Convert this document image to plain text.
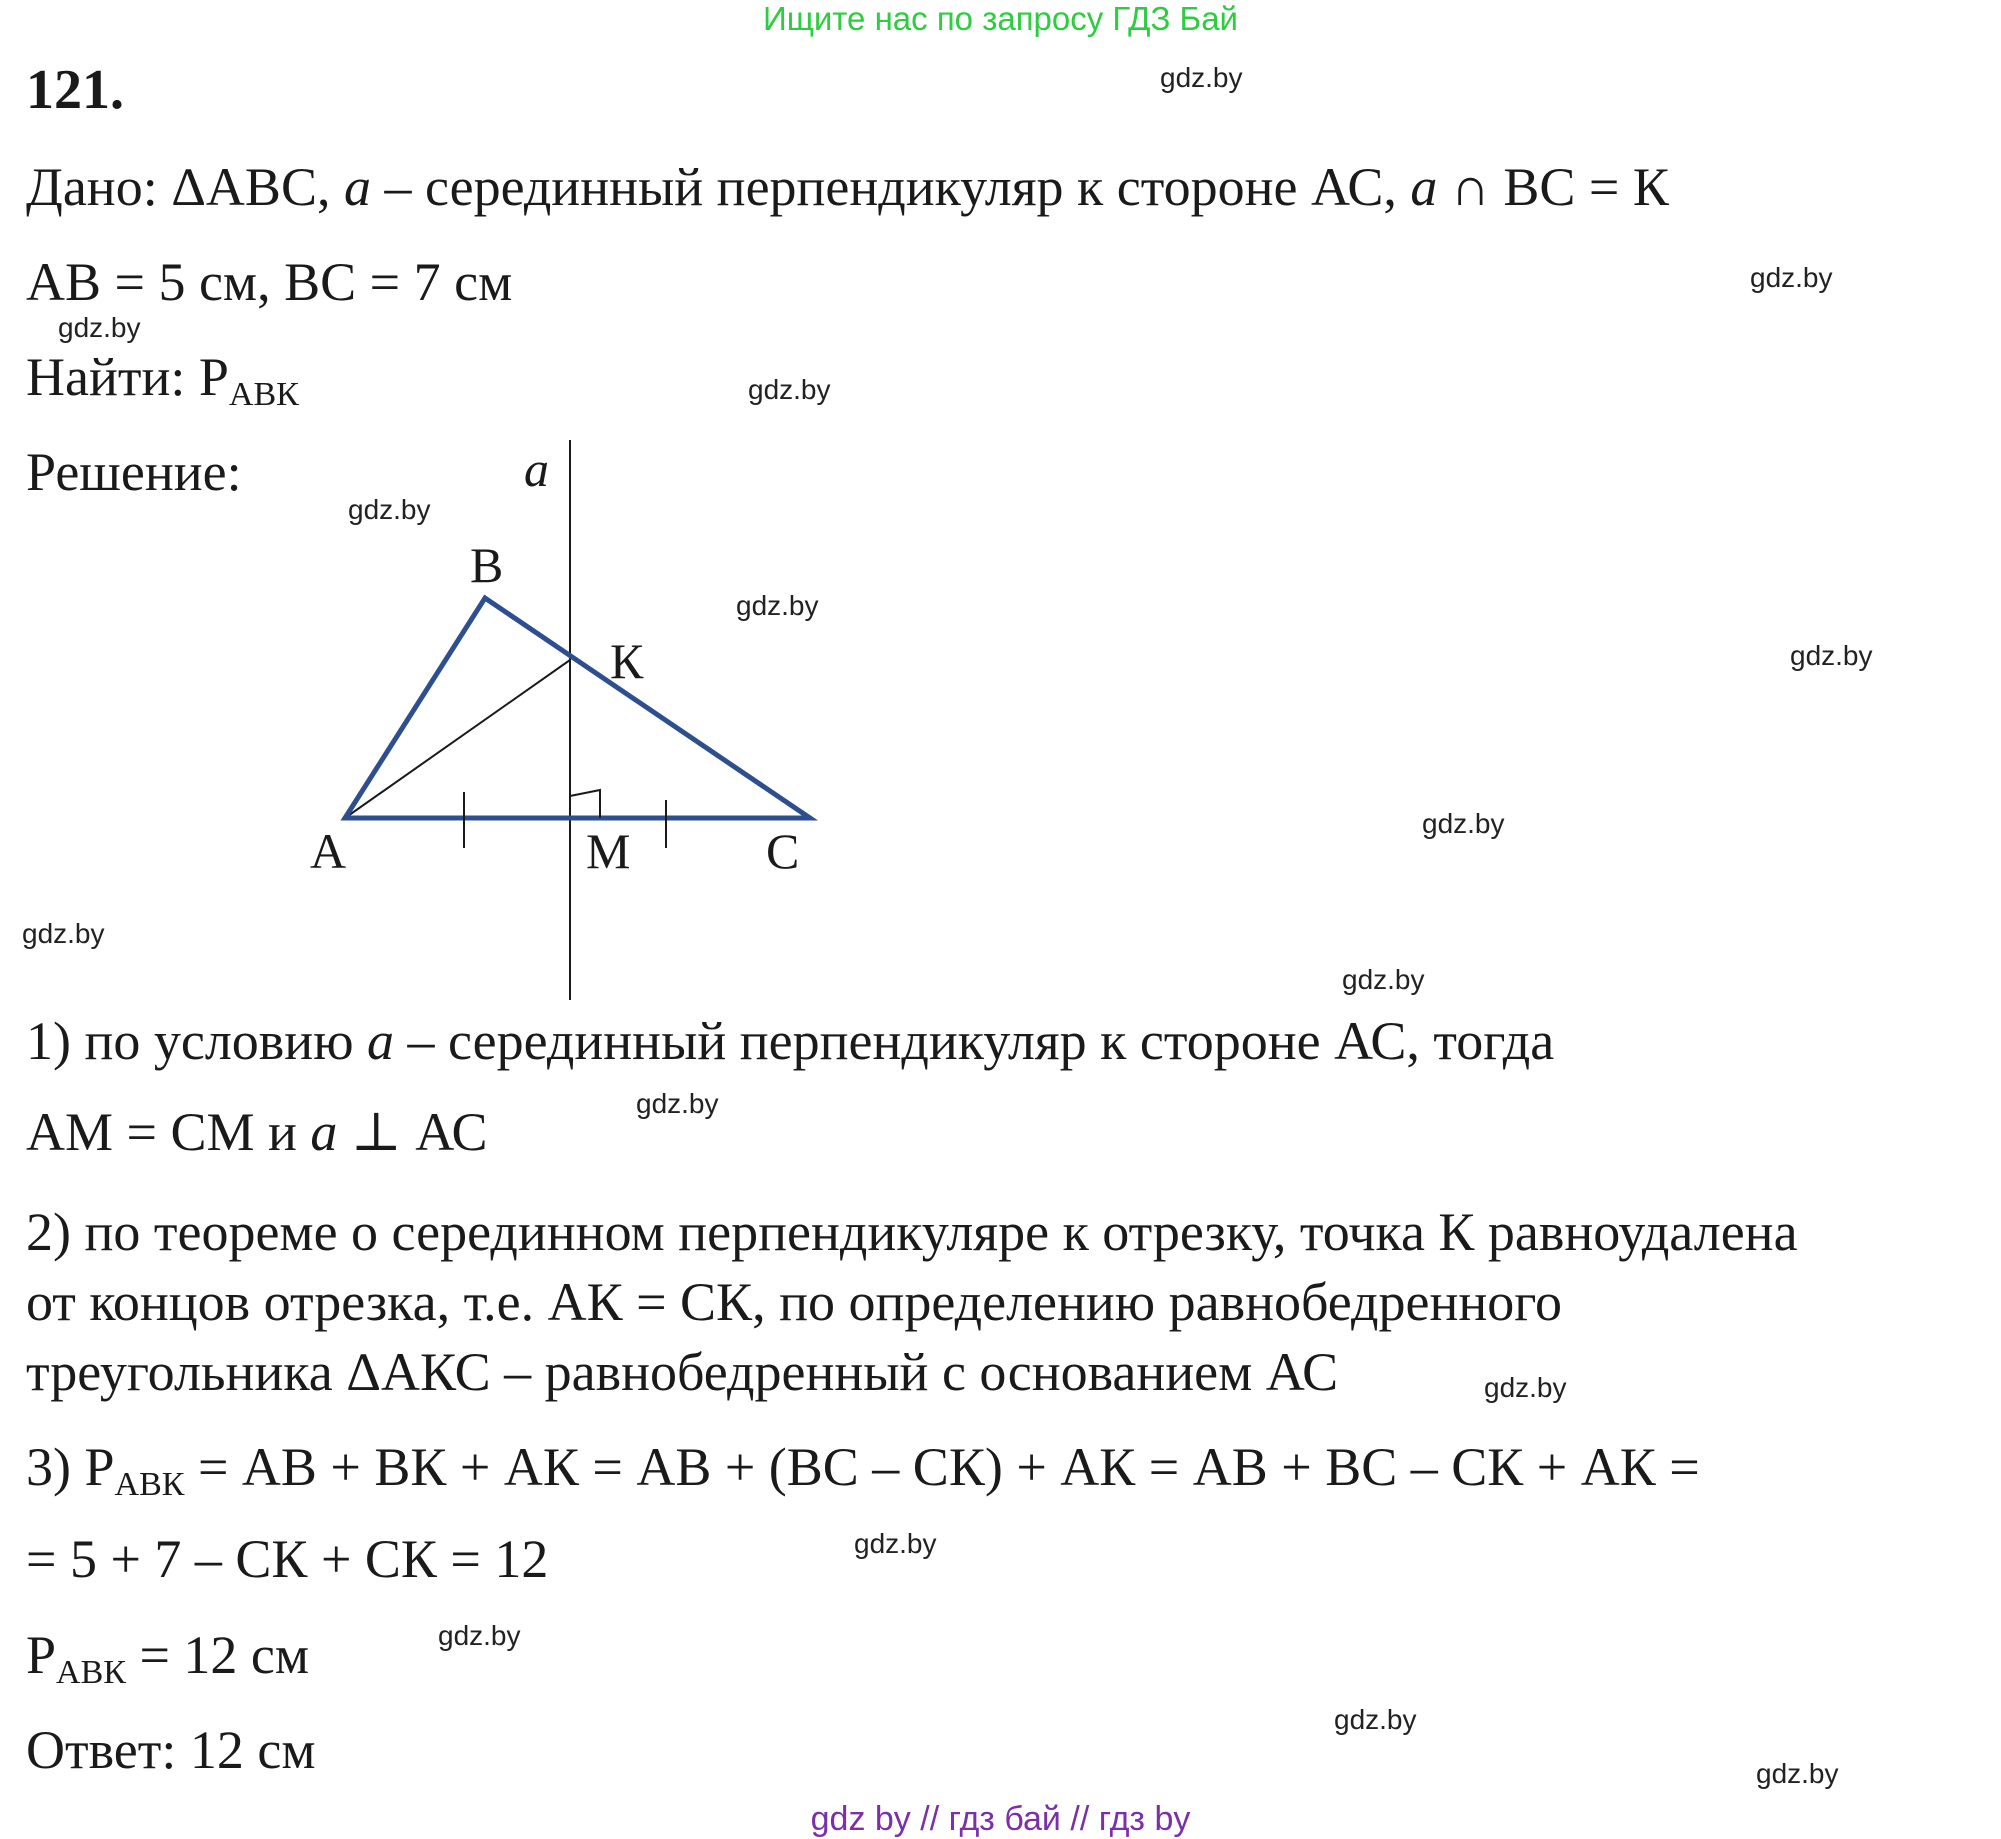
Ищите нас по запросу ГДЗ Бай
121.
Дано: ΔАВС, а – серединный перпендикуляр к стороне АС, а ∩ ВС = К
АВ = 5 см, ВС = 7 см
Найти: $Р_{АВК}$
Решение:	а
В
К
А	М	С
1) по условию а – серединный перпендикуляр к стороне АС, тогда
АМ = СМ и а ⊥ АС
2) по теореме о серединном перпендикуляре к отрезку, точка К равноудалена
от концов отрезка, т.е. АК = СК, по определению равнобедренного
треугольника ΔАКС – равнобедренный с основанием АС
3) $Р_{АВК}$ = АВ + ВК + АК = АВ + (ВС – СК) + АК = АВ + ВС – СК + АК =
= 5 + 7 – СК + СК = 12
$Р_{АВК} = 12$ см
Ответ: 12 см
gdz.by
gdz.by
gdz.by
gdz.by
gdz.by
gdz.by
gdz.by
gdz.by
gdz.by
gdz.by
gdz.by
gdz.by
gdz.by
gdz.by
gdz.by
gdz.by
gdz by // гдз бай // гдз by
